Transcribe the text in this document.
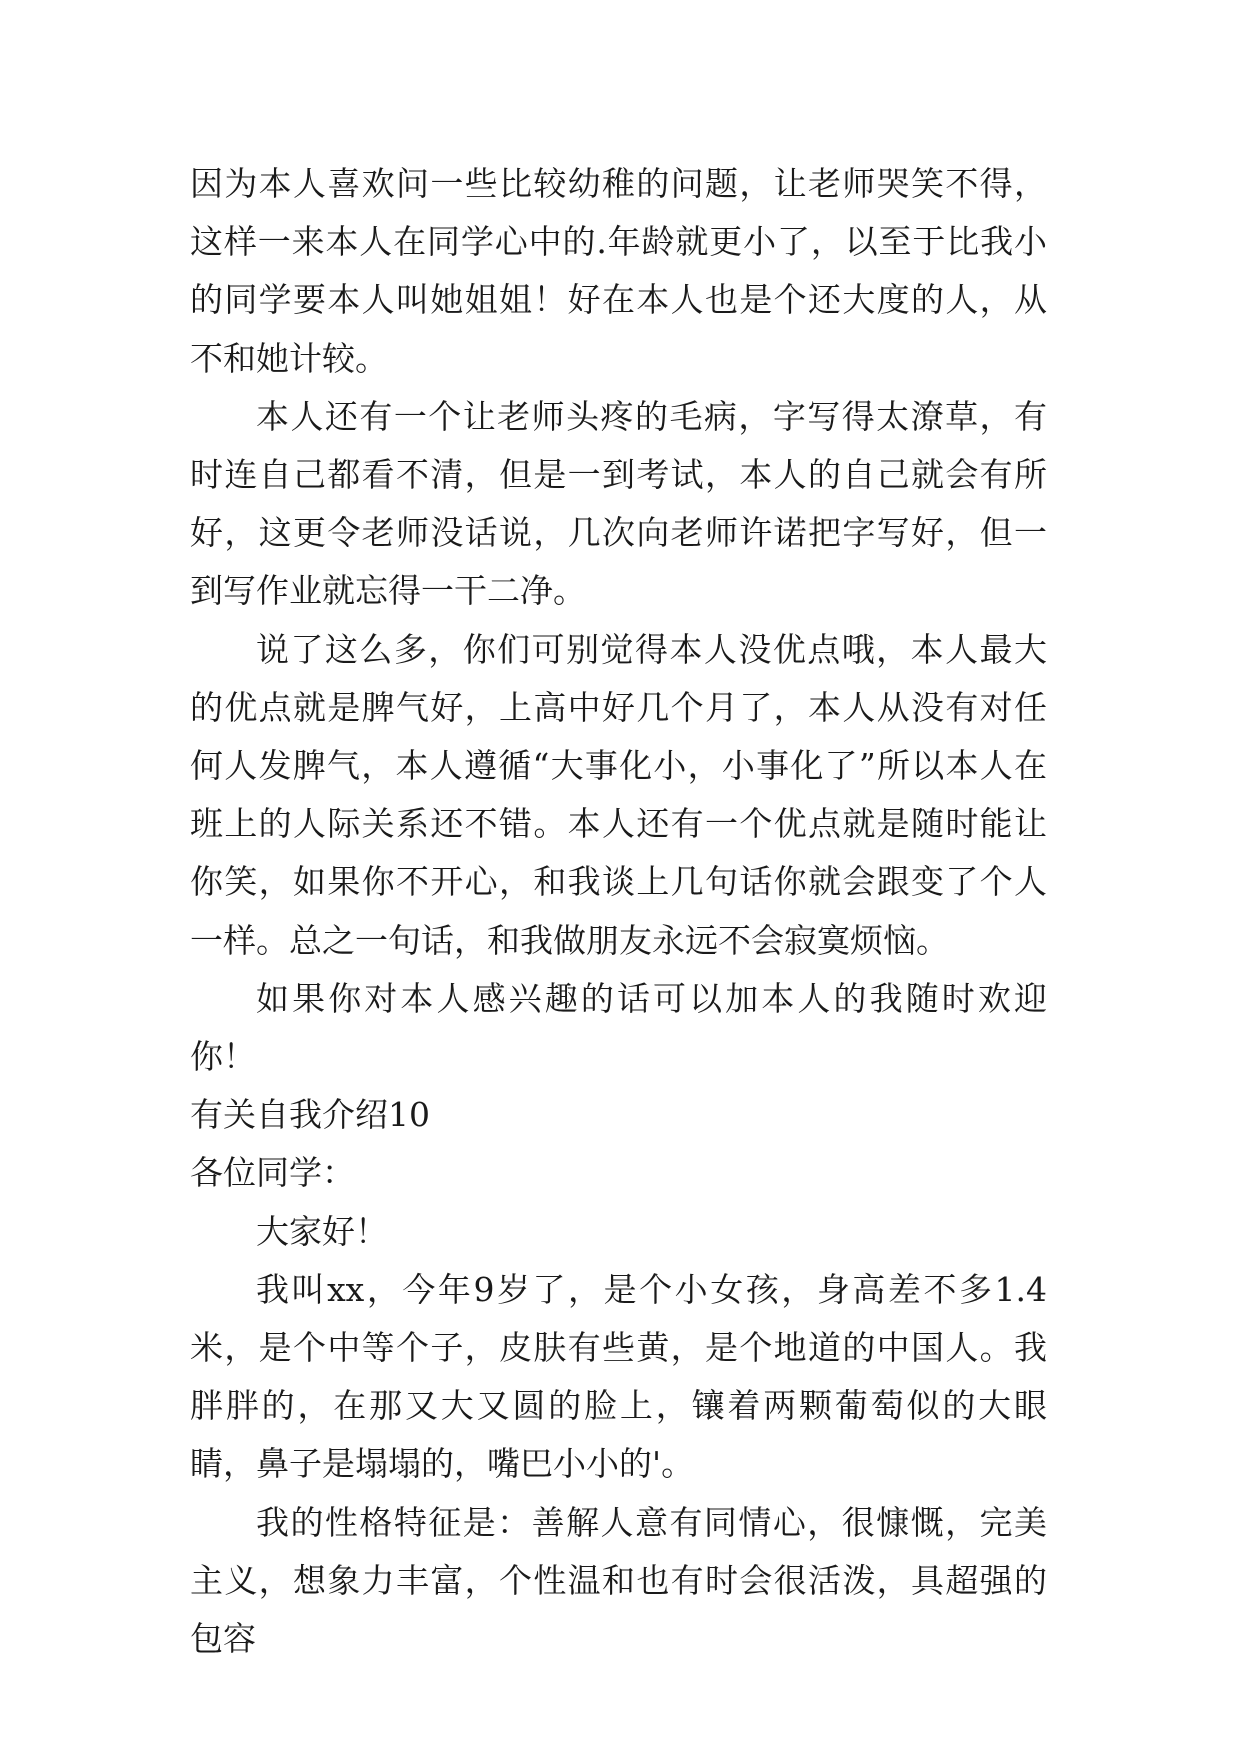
因为本人喜欢问一些比较幼稚的问题，让老师哭笑不得，这样一来本人在同学心中的.年龄就更小了，以至于比我小的同学要本人叫她姐姐！好在本人也是个还大度的人，从不和她计较。

本人还有一个让老师头疼的毛病，字写得太潦草，有时连自己都看不清，但是一到考试，本人的自己就会有所好，这更令老师没话说，几次向老师许诺把字写好，但一到写作业就忘得一干二净。

说了这么多，你们可别觉得本人没优点哦，本人最大的优点就是脾气好，上高中好几个月了，本人从没有对任何人发脾气，本人遵循“大事化小，小事化了”所以本人在班上的人际关系还不错。本人还有一个优点就是随时能让你笑，如果你不开心，和我谈上几句话你就会跟变了个人一样。总之一句话，和我做朋友永远不会寂寞烦恼。

如果你对本人感兴趣的话可以加本人的我随时欢迎你！

有关自我介绍10

各位同学：

大家好！

我叫xx，今年9岁了，是个小女孩，身高差不多1.4米，是个中等个子，皮肤有些黄，是个地道的中国人。我胖胖的，在那又大又圆的脸上，镶着两颗葡萄似的大眼睛，鼻子是塌塌的，嘴巴小小的'。

我的性格特征是：善解人意有同情心，很慷慨，完美主义，想象力丰富，个性温和也有时会很活泼，具超强的包容
